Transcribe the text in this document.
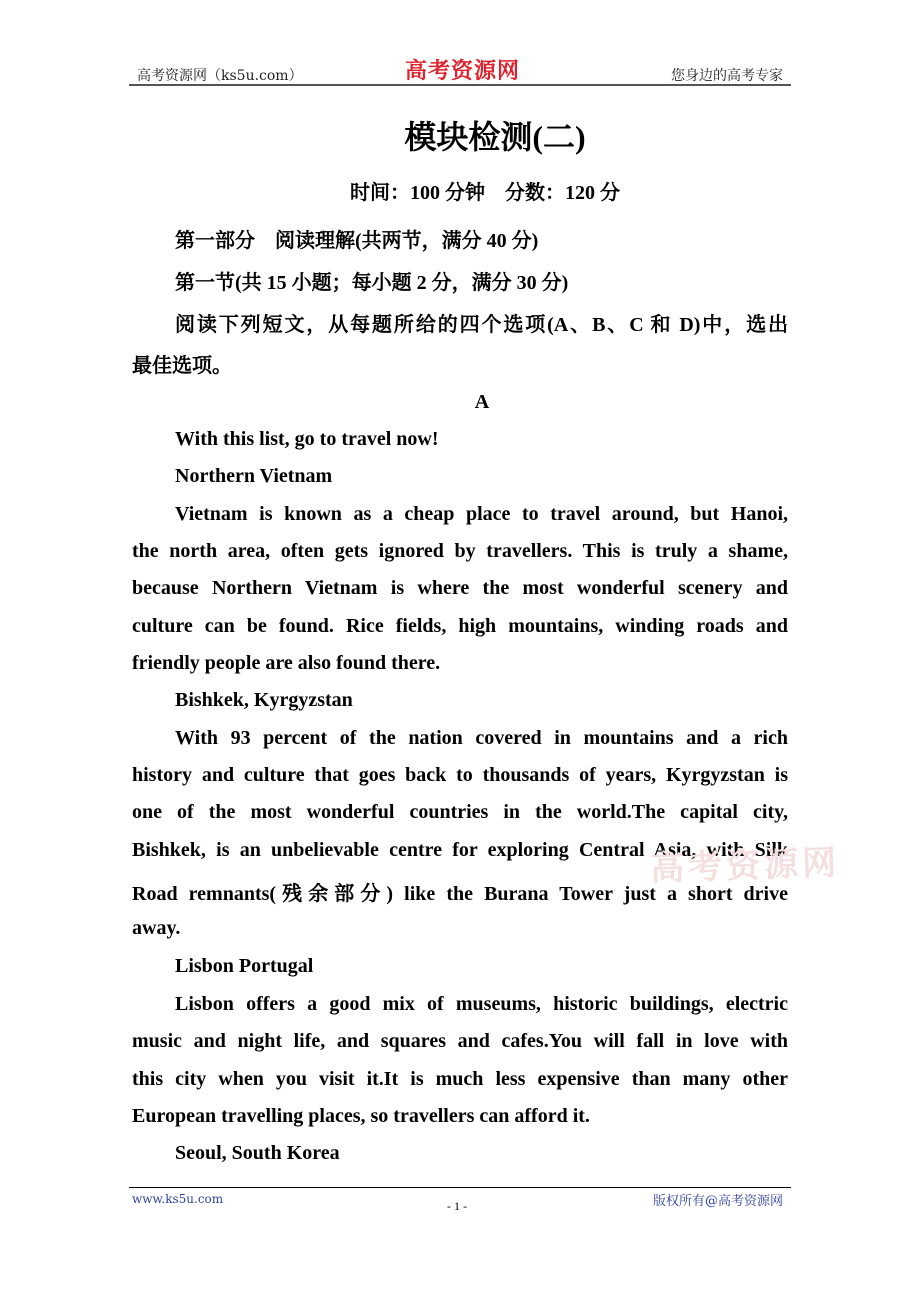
高考资源网（ks5u.com）	高考资源网	您身边的高考专家
模块检测(二)
时间：100 分钟　分数：120 分
第一部分　阅读理解(共两节，满分 40 分)
第一节(共 15 小题；每小题 2 分，满分 30 分)
阅读下列短文，从每题所给的四个选项(A、B、C 和 D)中，选出
最佳选项。
A
With this list, go to travel now!
Northern Vietnam
Vietnam is known as a cheap place to travel around, but Hanoi,
the north area, often gets ignored by travellers. This is truly a shame,
because Northern Vietnam is where the most wonderful scenery and
culture can be found. Rice fields, high mountains, winding roads and
friendly people are also found there.
Bishkek, Kyrgyzstan
With 93 percent of the nation covered in mountains and a rich
history and culture that goes back to thousands of years, Kyrgyzstan is
one of the most wonderful countries in the world.The capital city,
Bishkek, is an unbelievable centre for exploring Central Asia, with Silk
Road remnants(残余部分) like the Burana Tower just a short drive
away.
Lisbon Portugal
Lisbon offers a good mix of museums, historic buildings, electric
music and night life, and squares and cafes.You will fall in love with
this city when you visit it.It is much less expensive than many other
European travelling places, so travellers can afford it.
Seoul, South Korea
高考资源网
www.ks5u.com	- 1 -	版权所有@高考资源网
